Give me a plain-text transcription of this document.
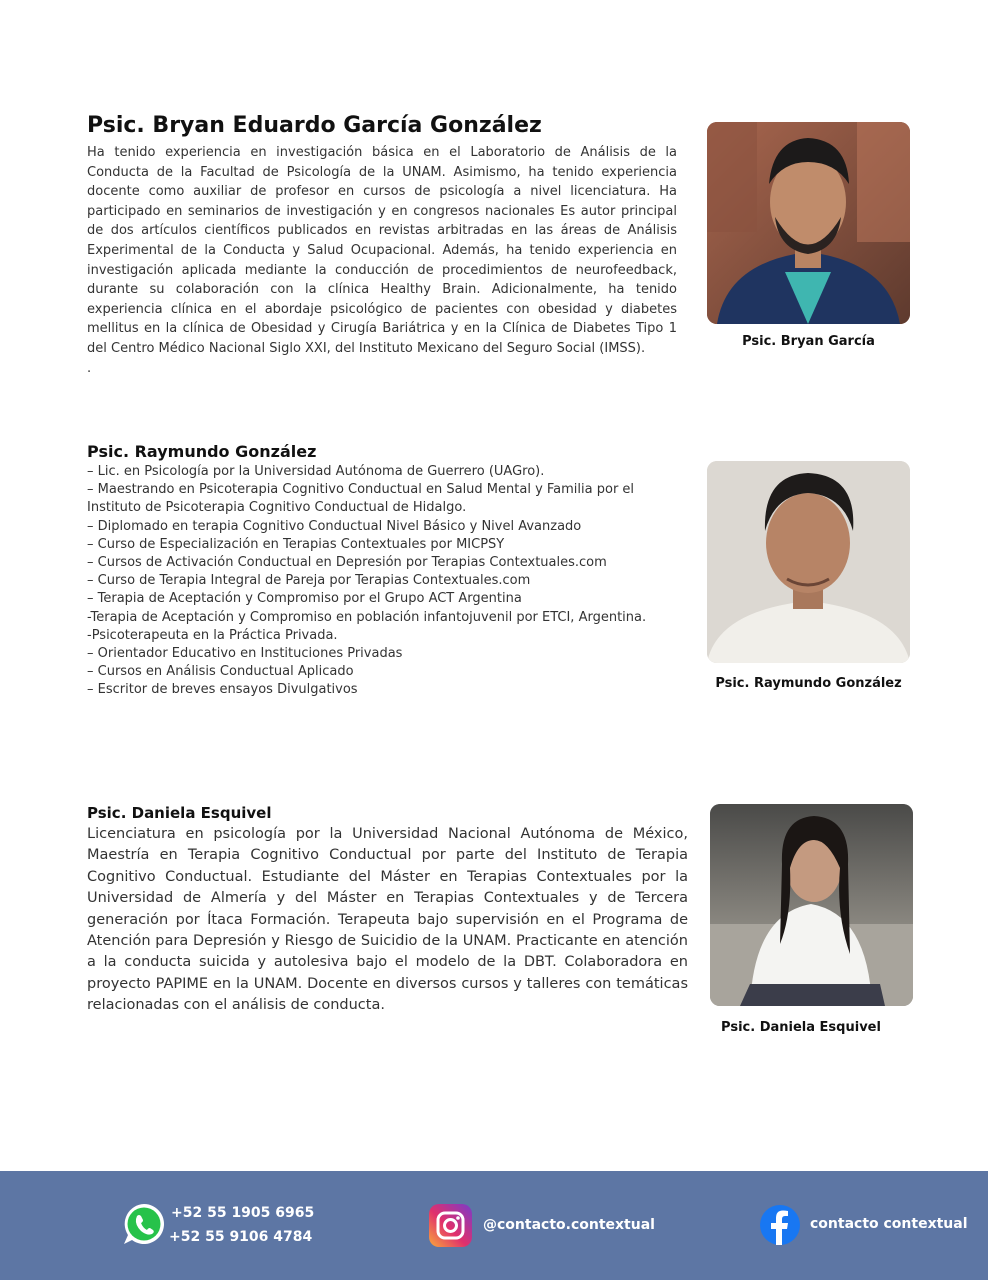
Psic. Bryan Eduardo García González

Ha tenido experiencia en investigación básica en el Laboratorio de Análisis de la Conducta de la Facultad de Psicología de la UNAM. Asimismo, ha tenido experiencia docente como auxiliar de profesor en cursos de psicología a nivel licenciatura. Ha participado en seminarios de investigación y en congresos nacionales Es autor principal de dos artículos científicos publicados en revistas arbitradas en las áreas de Análisis Experimental de la Conducta y Salud Ocupacional. Además, ha tenido experiencia en investigación aplicada mediante la conducción de procedimientos de neurofeedback, durante su colaboración con la clínica Healthy Brain. Adicionalmente, ha tenido experiencia clínica en el abordaje psicológico de pacientes con obesidad y diabetes mellitus en la clínica de Obesidad y Cirugía Bariátrica y en la Clínica de Diabetes Tipo 1 del Centro Médico Nacional Siglo XXI, del Instituto Mexicano del Seguro Social (IMSS).

.

Psic. Bryan García
Psic. Raymundo González
– Lic. en Psicología por la Universidad Autónoma de Guerrero (UAGro).
– Maestrando en Psicoterapia Cognitivo Conductual en Salud Mental y Familia por el Instituto de Psicoterapia Cognitivo Conductual de Hidalgo.
– Diplomado en terapia Cognitivo Conductual Nivel Básico y Nivel Avanzado
– Curso de Especialización en Terapias Contextuales por MICPSY
– Cursos de Activación Conductual en Depresión por Terapias Contextuales.com
– Curso de Terapia Integral de Pareja por Terapias Contextuales.com
– Terapia de Aceptación y Compromiso por el Grupo ACT Argentina
-Terapia de Aceptación y Compromiso en población infantojuvenil por ETCI, Argentina.
-Psicoterapeuta en la Práctica Privada.
– Orientador Educativo en Instituciones Privadas
– Cursos en Análisis Conductual Aplicado
– Escritor de breves ensayos Divulgativos	Psic. Raymundo González
Psic. Daniela Esquivel

Licenciatura en psicología por la Universidad Nacional Autónoma de México, Maestría en Terapia Cognitivo Conductual por parte del Instituto de Terapia Cognitivo Conductual. Estudiante del Máster en Terapias Contextuales por la Universidad de Almería y del Máster en Terapias Contextuales y de Tercera generación por Ítaca Formación. Terapeuta bajo supervisión en el Programa de Atención para Depresión y Riesgo de Suicidio de la UNAM. Practicante en atención a la conducta suicida y autolesiva bajo el modelo de la DBT. Colaboradora en proyecto PAPIME en la UNAM. Docente en diversos cursos y talleres con temáticas relacionadas con el análisis de conducta.

Psic. Daniela Esquivel
+52 55 1905 6965
+52 55 9106 4784
@contacto.contextual	contacto contextual
